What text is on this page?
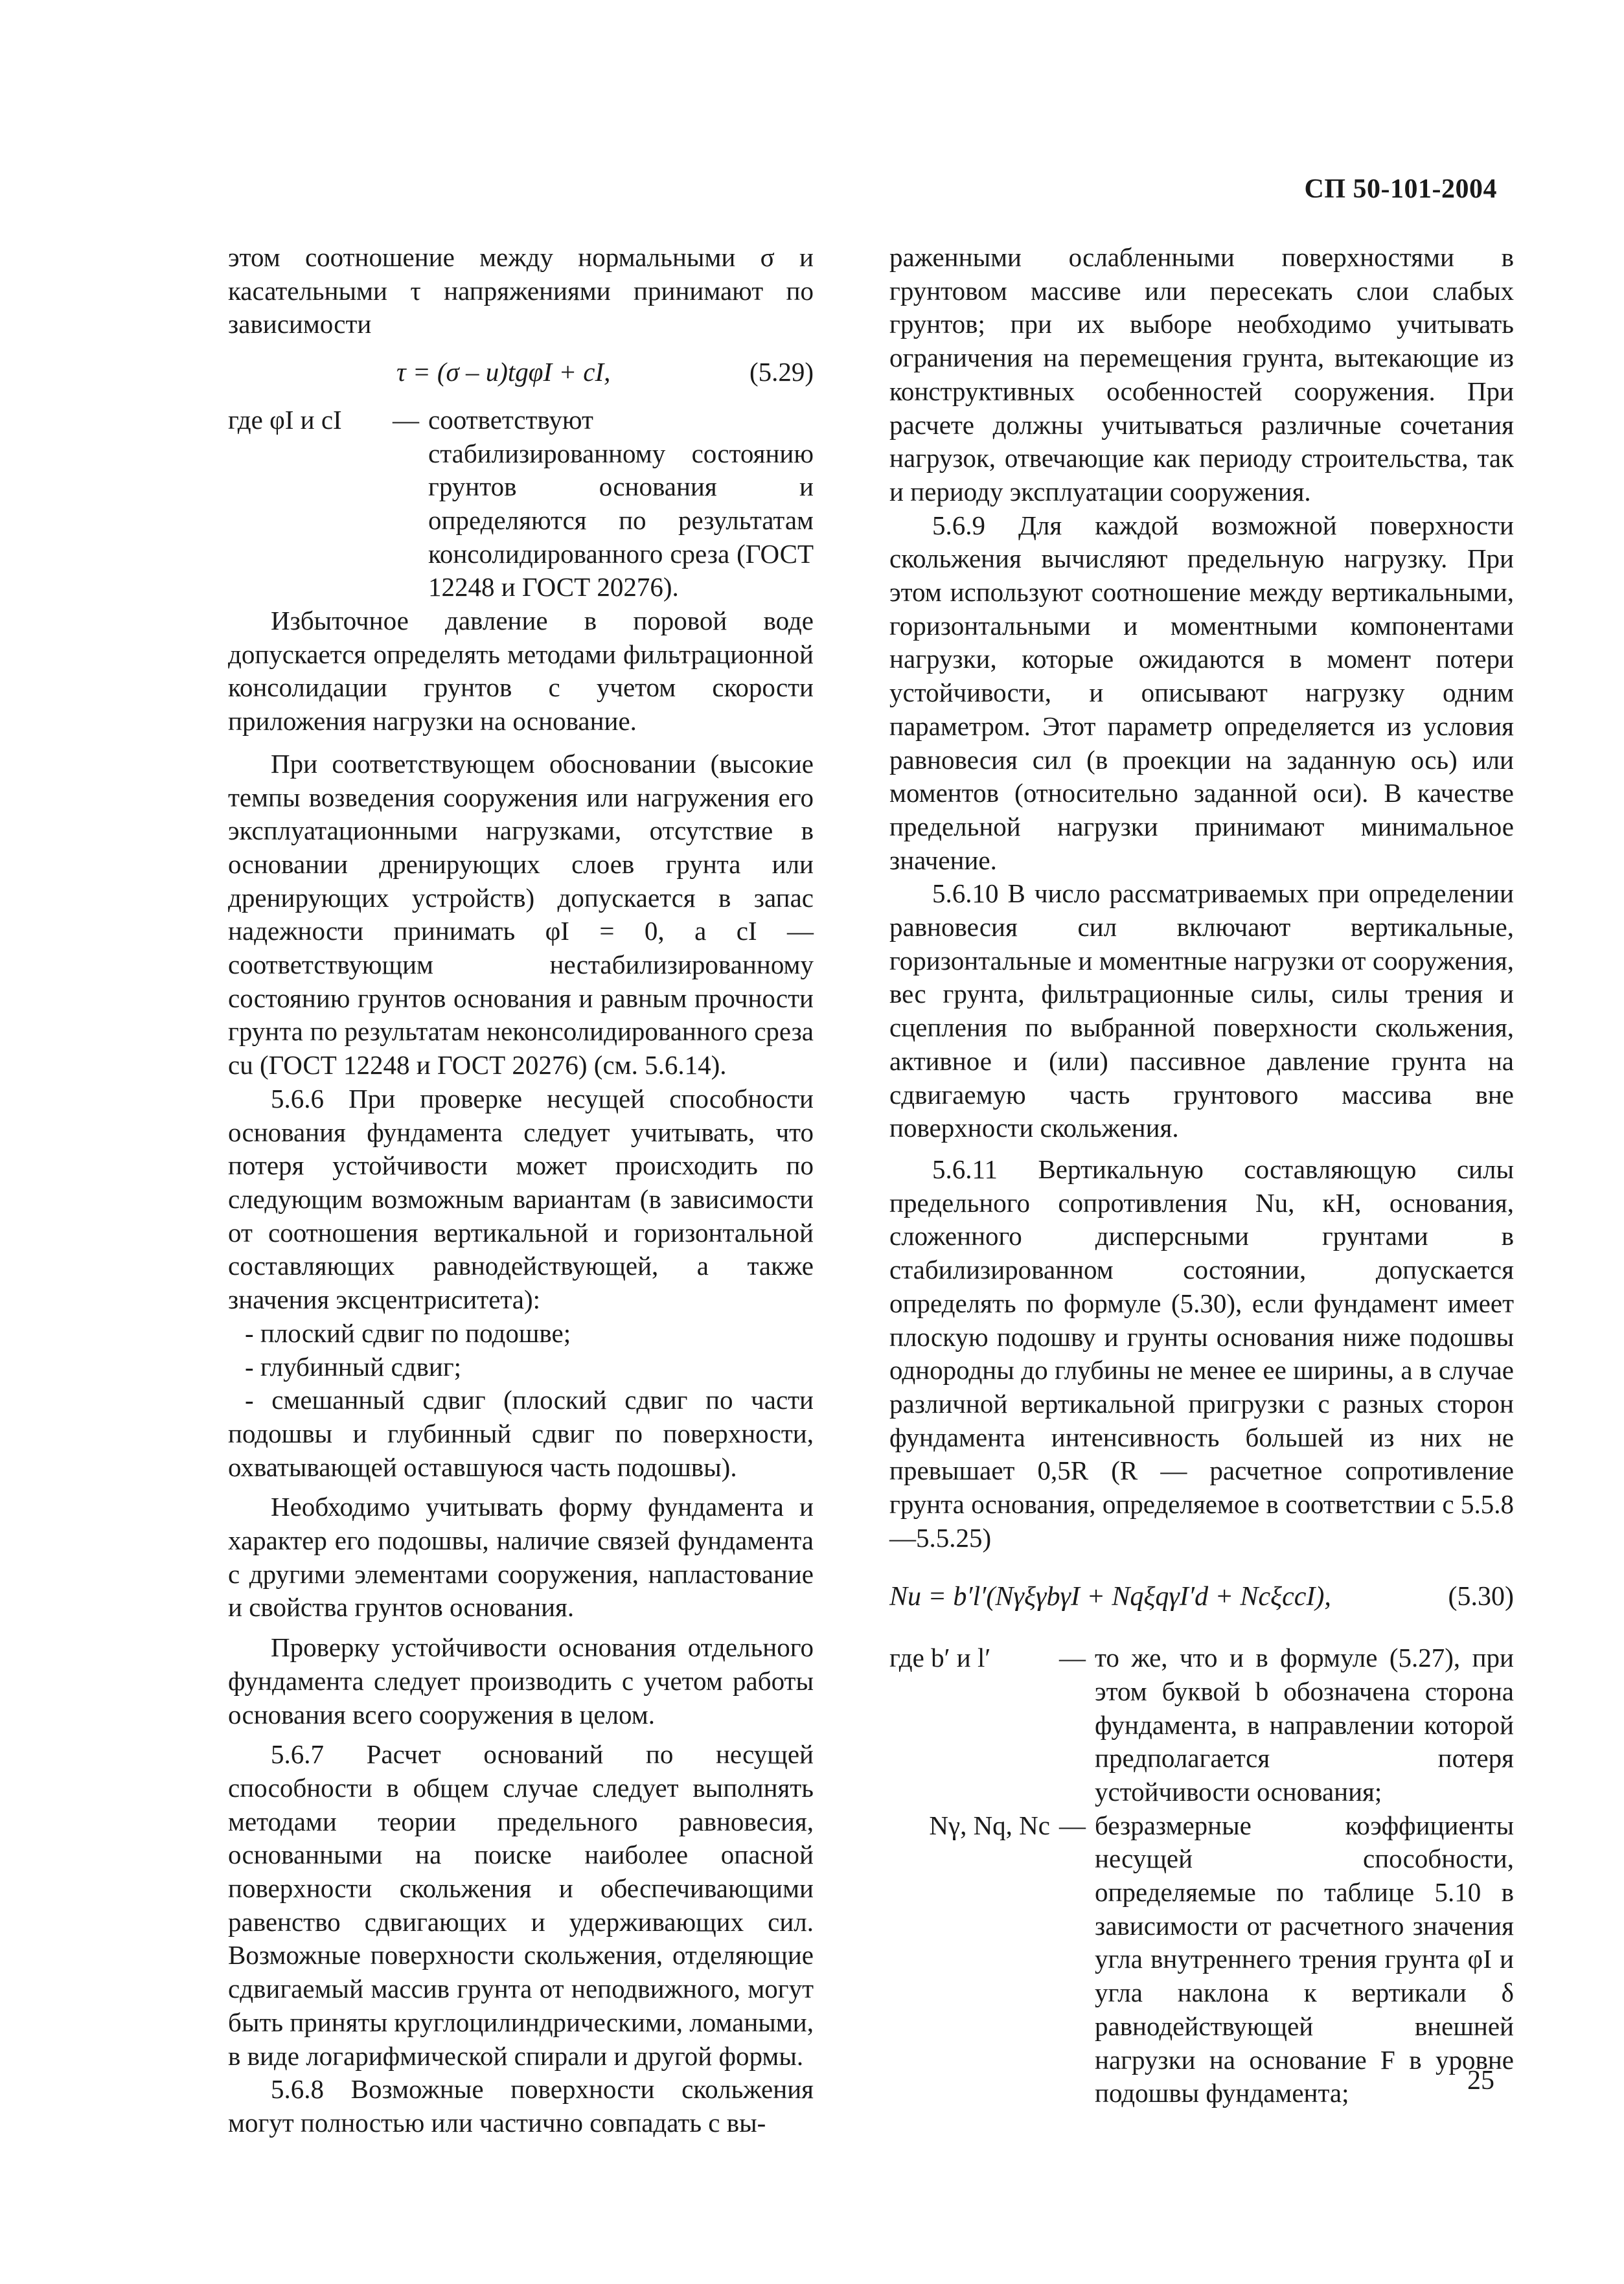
СП 50-101-2004

этом соотношение между нормальными σ и касательными τ напряжениями принимают по зависимости

τ = (σ – u)tgφI + cI,	(5.29)
где φI и cI	— соответствуют стабилизированному состоянию грунтов основания и определяются по результатам консолидированного среза (ГОСТ 12248 и ГОСТ 20276).

Избыточное давление в поровой воде допускается определять методами фильтрационной консолидации грунтов с учетом скорости приложения нагрузки на основание.

При соответствующем обосновании (высокие темпы возведения сооружения или нагружения его эксплуатационными нагрузками, отсутствие в основании дренирующих слоев грунта или дренирующих устройств) допускается в запас надежности принимать φI = 0, а cI — соответствующим нестабилизированному состоянию грунтов основания и равным прочности грунта по результатам неконсолидированного среза cu (ГОСТ 12248 и ГОСТ 20276) (см. 5.6.14).

5.6.6 При проверке несущей способности основания фундамента следует учитывать, что потеря устойчивости может происходить по следующим возможным вариантам (в зависимости от соотношения вертикальной и горизонтальной составляющих равнодействующей, а также значения эксцентриситета):

- плоский сдвиг по подошве;

- глубинный сдвиг;

- смешанный сдвиг (плоский сдвиг по части подошвы и глубинный сдвиг по поверхности, охватывающей оставшуюся часть подошвы).

Необходимо учитывать форму фундамента и характер его подошвы, наличие связей фундамента с другими элементами сооружения, напластование и свойства грунтов основания.

Проверку устойчивости основания отдельного фундамента следует производить с учетом работы основания всего сооружения в целом.

5.6.7 Расчет оснований по несущей способности в общем случае следует выполнять методами теории предельного равновесия, основанными на поиске наиболее опасной поверхности скольжения и обеспечивающими равенство сдвигающих и удерживающих сил. Возможные поверхности скольжения, отделяющие сдвигаемый массив грунта от неподвижного, могут быть приняты круглоцилиндрическими, ломаными, в виде логарифмической спирали и другой формы.

5.6.8 Возможные поверхности скольжения могут полностью или частично совпадать с вы-

раженными ослабленными поверхностями в грунтовом массиве или пересекать слои слабых грунтов; при их выборе необходимо учитывать ограничения на перемещения грунта, вытекающие из конструктивных особенностей сооружения. При расчете должны учитываться различные сочетания нагрузок, отвечающие как периоду строительства, так и периоду эксплуатации сооружения.

5.6.9 Для каждой возможной поверхности скольжения вычисляют предельную нагрузку. При этом используют соотношение между вертикальными, горизонтальными и моментными компонентами нагрузки, которые ожидаются в момент потери устойчивости, и описывают нагрузку одним параметром. Этот параметр определяется из условия равновесия сил (в проекции на заданную ось) или моментов (относительно заданной оси). В качестве предельной нагрузки принимают минимальное значение.

5.6.10 В число рассматриваемых при определении равновесия сил включают вертикальные, горизонтальные и моментные нагрузки от сооружения, вес грунта, фильтрационные силы, силы трения и сцепления по выбранной поверхности скольжения, активное и (или) пассивное давление грунта на сдвигаемую часть грунтового массива вне поверхности скольжения.

5.6.11 Вертикальную составляющую силы предельного сопротивления Nu, кН, основания, сложенного дисперсными грунтами в стабилизированном состоянии, допускается определять по формуле (5.30), если фундамент имеет плоскую подошву и грунты основания ниже подошвы однородны до глубины не менее ее ширины, а в случае различной вертикальной пригрузки с разных сторон фундамента интенсивность большей из них не превышает 0,5R (R — расчетное сопротивление грунта основания, определяемое в соответствии с 5.5.8—5.5.25)

Nu = b′l′(NγξγbγI + NqξqγI′d + NcξccI),	(5.30)
где b′ и l′	— то же, что и в формуле (5.27), при этом буквой b обозначена сторона фундамента, в направлении которой предполагается потеря устойчивости основания;
Nγ, Nq, Nc — безразмерные коэффициенты несущей способности, определяемые по таблице 5.10 в зависимости от расчетного значения угла внутреннего трения грунта φI и угла наклона к вертикали δ равнодействующей внешней нагрузки на основание F в уровне подошвы фундамента;	25
